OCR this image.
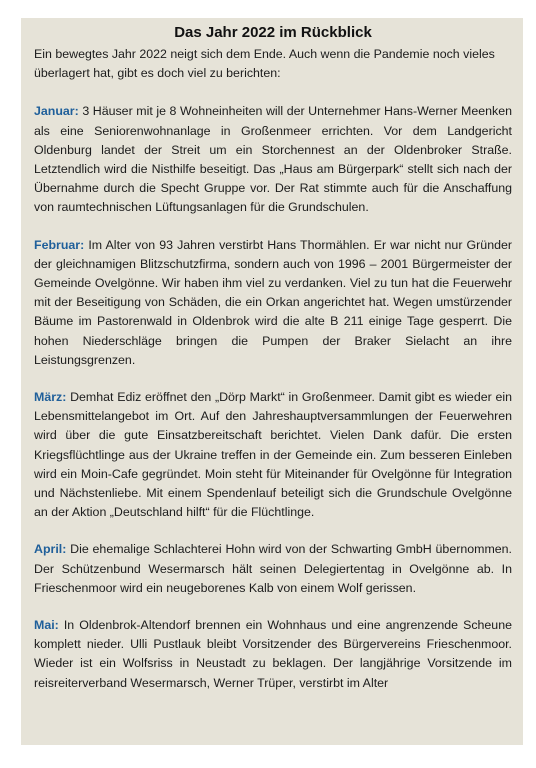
Das Jahr 2022 im Rückblick

Ein bewegtes Jahr 2022 neigt sich dem Ende. Auch wenn die Pandemie noch vieles überlagert hat, gibt es doch viel zu berichten:

Januar: 3 Häuser mit je 8 Wohneinheiten will der Unternehmer Hans-Werner Meenken als eine Seniorenwohnanlage in Großenmeer errichten. Vor dem Landgericht Oldenburg landet der Streit um ein Storchennest an der Oldenbroker Straße. Letztendlich wird die Nisthilfe beseitigt. Das „Haus am Bürgerpark“ stellt sich nach der Übernahme durch die Specht Gruppe vor. Der Rat stimmte auch für die Anschaffung von raumtechnischen Lüftungsanlagen für die Grundschulen.

Februar: Im Alter von 93 Jahren verstirbt Hans Thormählen. Er war nicht nur Gründer der gleichnamigen Blitzschutzfirma, sondern auch von 1996 – 2001 Bürgermeister der Gemeinde Ovelgönne. Wir haben ihm viel zu verdanken. Viel zu tun hat die Feuerwehr mit der Beseitigung von Schäden, die ein Orkan angerichtet hat. Wegen umstürzender Bäume im Pastorenwald in Oldenbrok wird die alte B 211 einige Tage gesperrt. Die hohen Niederschläge bringen die Pumpen der Braker Sielacht an ihre Leistungsgrenzen.

März: Demhat Ediz eröffnet den „Dörp Markt“ in Großenmeer. Damit gibt es wieder ein Lebensmittelangebot im Ort. Auf den Jahreshauptversammlungen der Feuerwehren wird über die gute Einsatzbereitschaft berichtet. Vielen Dank dafür. Die ersten Kriegsflüchtlinge aus der Ukraine treffen in der Gemeinde ein. Zum besseren Einleben wird ein Moin-Cafe gegründet. Moin steht für Miteinander für Ovelgönne für Integration und Nächstenliebe. Mit einem Spendenlauf beteiligt sich die Grundschule Ovelgönne an der Aktion „Deutschland hilft“ für die Flüchtlinge.

April: Die ehemalige Schlachterei Hohn wird von der Schwarting GmbH übernommen. Der Schützenbund Wesermarsch hält seinen Delegiertentag in Ovelgönne ab. In Frieschenmoor wird ein neugeborenes Kalb von einem Wolf gerissen.

Mai: In Oldenbrok-Altendorf brennen ein Wohnhaus und eine angrenzende Scheune komplett nieder. Ulli Pustlauk bleibt Vorsitzender des Bürgervereins Frieschenmoor. Wieder ist ein Wolfsriss in Neustadt zu beklagen. Der langjährige Vorsitzende im reisreiterverband Wesermarsch, Werner Trüper, verstirbt im Alter
